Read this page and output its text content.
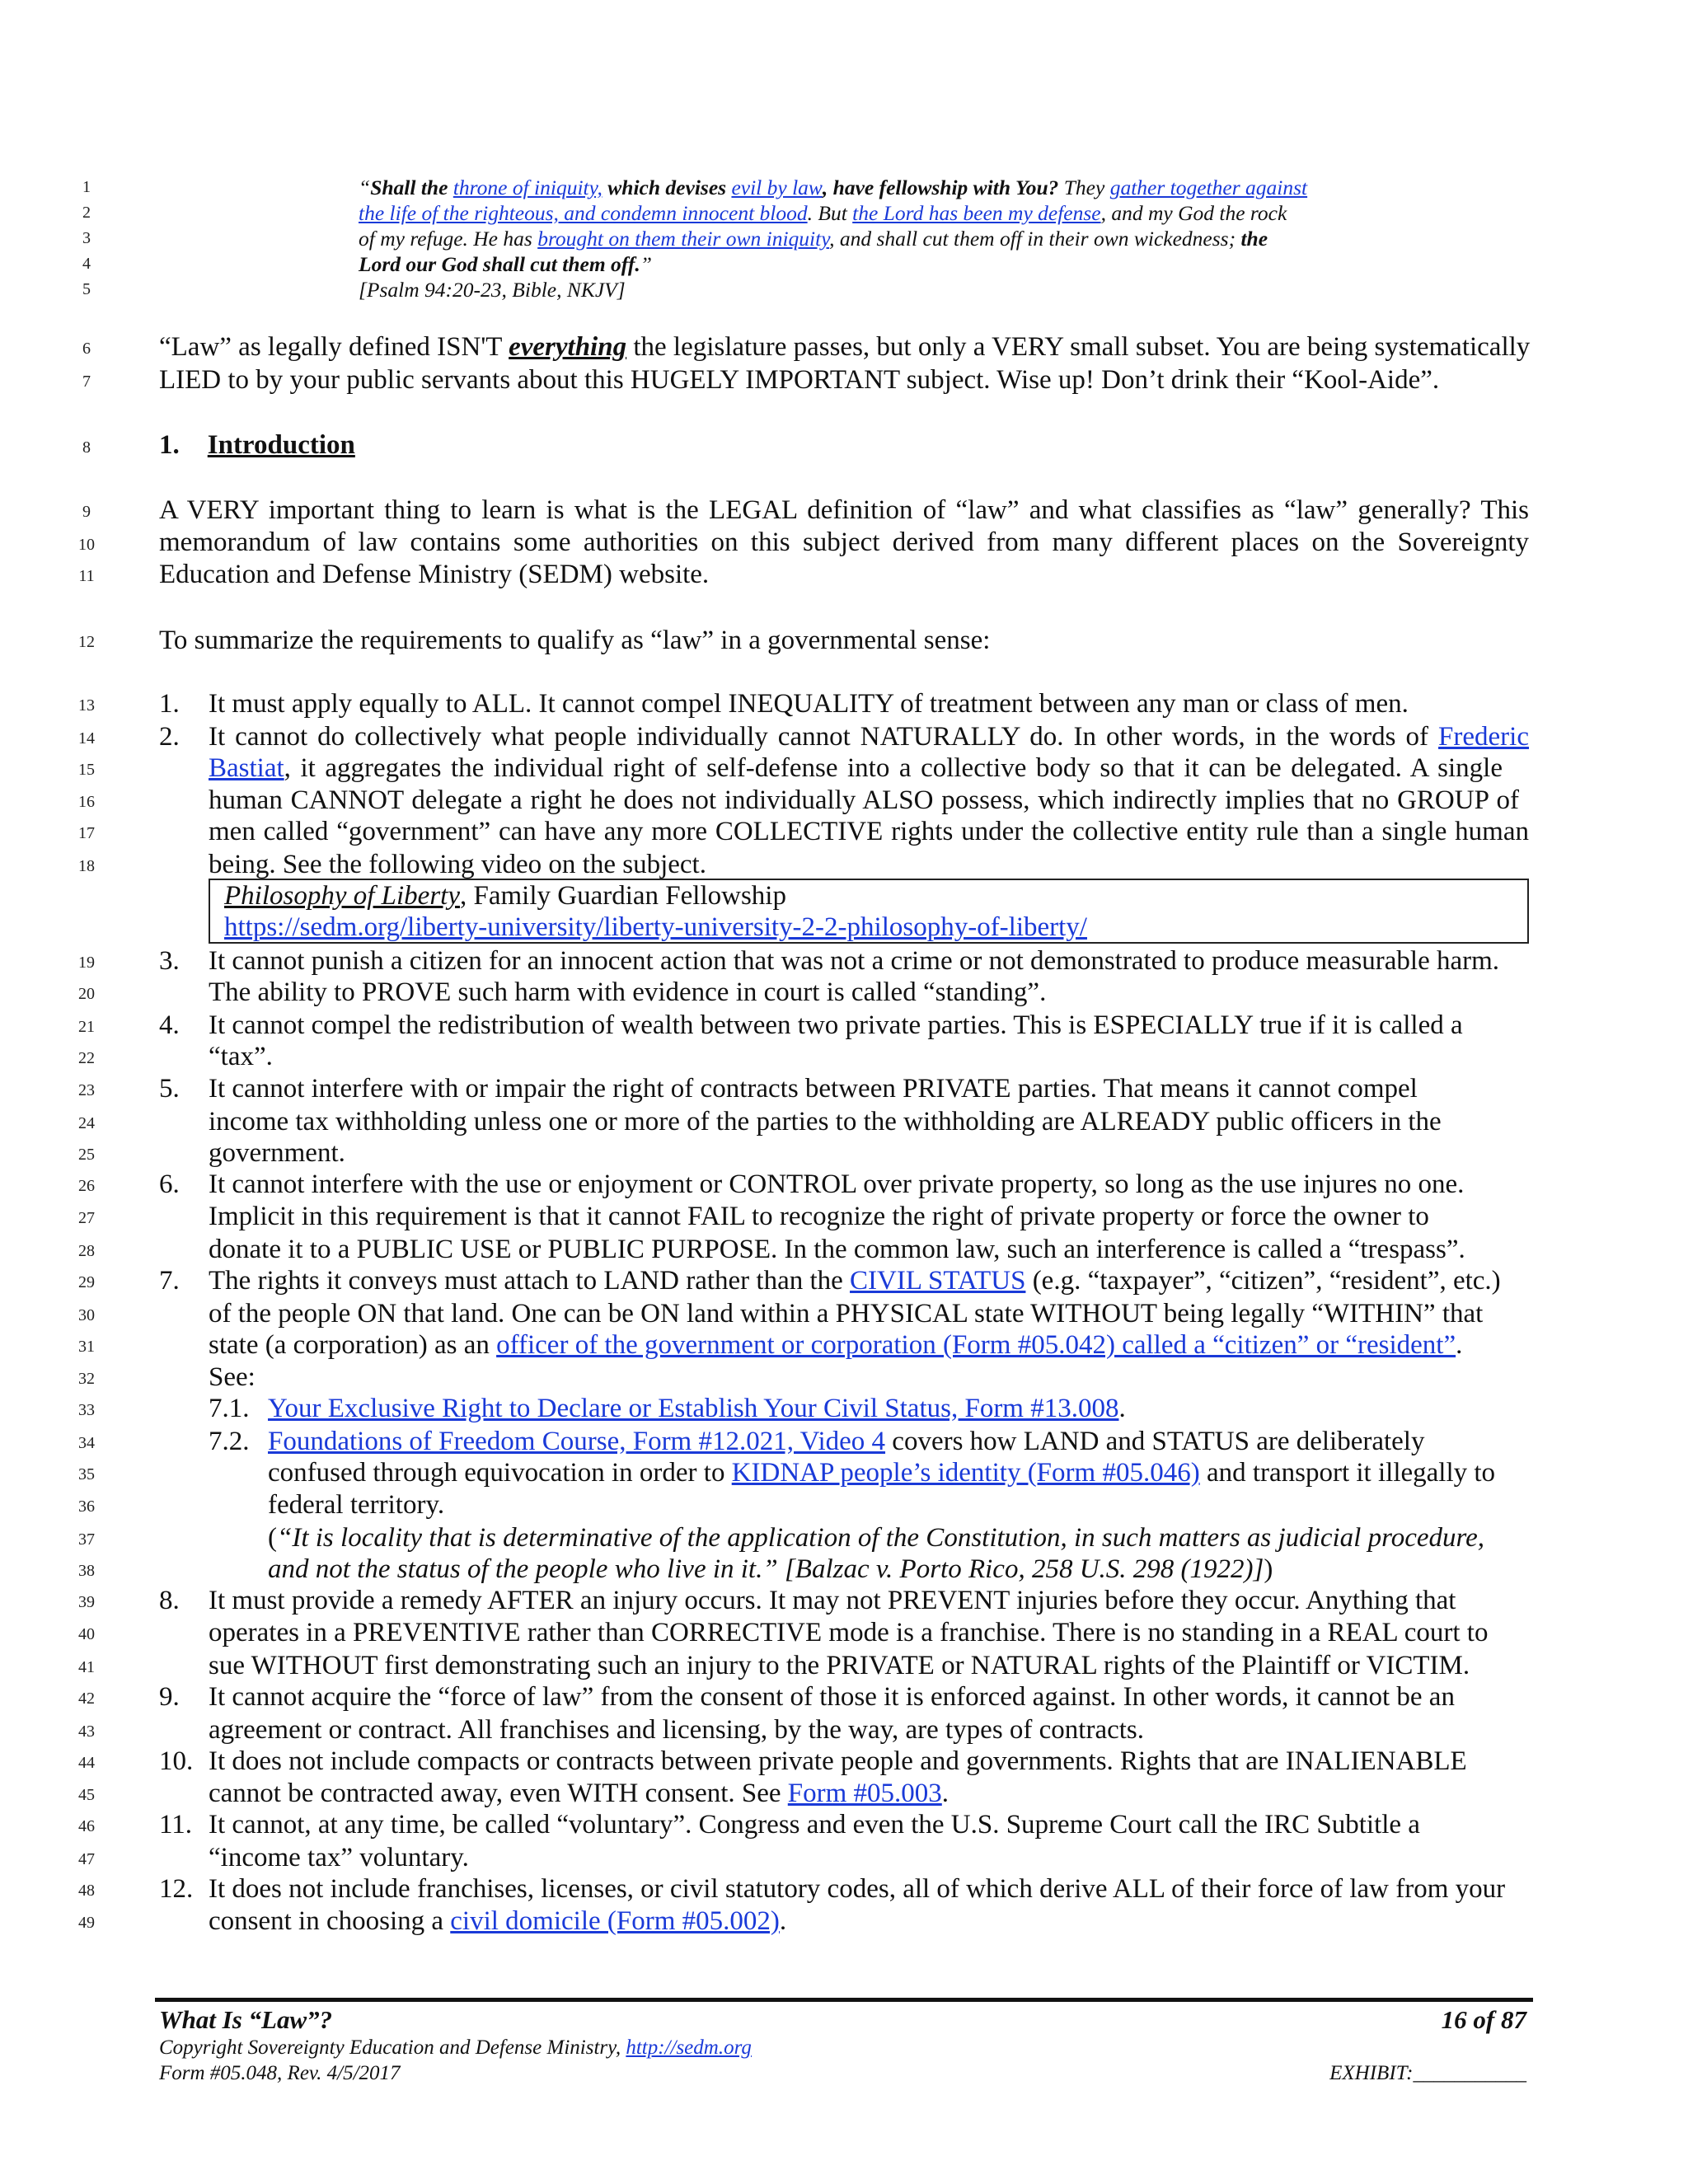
1
2
3
4
5
6
7
8
9
10
11
12
13
14
15
16
17
18
19
20
21
22
23
24
25
26
27
28
29
30
31
32
33
34
35
36
37
38
39
40
41
42
43
44
45
46
47
48
49
“Shall the throne of iniquity, which devises evil by law, have fellowship with You? They gather together against
the life of the righteous, and condemn innocent blood. But the Lord has been my defense, and my God the rock
of my refuge. He has brought on them their own iniquity, and shall cut them off in their own wickedness; the
Lord our God shall cut them off.”
[Psalm 94:20-23, Bible, NKJV]
“Law” as legally defined ISN'T everything the legislature passes, but only a VERY small subset. You are being systematically
LIED to by your public servants about this HUGELY IMPORTANT subject. Wise up! Don’t drink their “Kool-Aide”.
1. Introduction
A VERY important thing to learn is what is the LEGAL definition of “law” and what classifies as “law” generally? This
memorandum of law contains some authorities on this subject derived from many different places on the Sovereignty
Education and Defense Ministry (SEDM) website.
To summarize the requirements to qualify as “law” in a governmental sense:
1. It must apply equally to ALL. It cannot compel INEQUALITY of treatment between any man or class of men.
2. It cannot do collectively what people individually cannot NATURALLY do. In other words, in the words of Frederic
Bastiat, it aggregates the individual right of self-defense into a collective body so that it can be delegated. A single
human CANNOT delegate a right he does not individually ALSO possess, which indirectly implies that no GROUP of
men called “government” can have any more COLLECTIVE rights under the collective entity rule than a single human
being. See the following video on the subject.
Philosophy of Liberty, Family Guardian Fellowship
https://sedm.org/liberty-university/liberty-university-2-2-philosophy-of-liberty/
3. It cannot punish a citizen for an innocent action that was not a crime or not demonstrated to produce measurable harm.
The ability to PROVE such harm with evidence in court is called “standing”.
4. It cannot compel the redistribution of wealth between two private parties. This is ESPECIALLY true if it is called a
“tax”.
5. It cannot interfere with or impair the right of contracts between PRIVATE parties. That means it cannot compel
income tax withholding unless one or more of the parties to the withholding are ALREADY public officers in the
government.
6. It cannot interfere with the use or enjoyment or CONTROL over private property, so long as the use injures no one.
Implicit in this requirement is that it cannot FAIL to recognize the right of private property or force the owner to
donate it to a PUBLIC USE or PUBLIC PURPOSE. In the common law, such an interference is called a “trespass”.
7. The rights it conveys must attach to LAND rather than the CIVIL STATUS (e.g. “taxpayer”, “citizen”, “resident”, etc.)
of the people ON that land. One can be ON land within a PHYSICAL state WITHOUT being legally “WITHIN” that
state (a corporation) as an officer of the government or corporation (Form #05.042) called a “citizen” or “resident”.
See:
7.1. Your Exclusive Right to Declare or Establish Your Civil Status, Form #13.008.
7.2. Foundations of Freedom Course, Form #12.021, Video 4 covers how LAND and STATUS are deliberately
confused through equivocation in order to KIDNAP people’s identity (Form #05.046) and transport it illegally to
federal territory.
(“It is locality that is determinative of the application of the Constitution, in such matters as judicial procedure,
and not the status of the people who live in it.” [Balzac v. Porto Rico, 258 U.S. 298 (1922)])
8. It must provide a remedy AFTER an injury occurs. It may not PREVENT injuries before they occur. Anything that
operates in a PREVENTIVE rather than CORRECTIVE mode is a franchise. There is no standing in a REAL court to
sue WITHOUT first demonstrating such an injury to the PRIVATE or NATURAL rights of the Plaintiff or VICTIM.
9. It cannot acquire the “force of law” from the consent of those it is enforced against. In other words, it cannot be an
agreement or contract. All franchises and licensing, by the way, are types of contracts.
10. It does not include compacts or contracts between private people and governments. Rights that are INALIENABLE
cannot be contracted away, even WITH consent. See Form #05.003.
11. It cannot, at any time, be called “voluntary”. Congress and even the U.S. Supreme Court call the IRC Subtitle a
“income tax” voluntary.
12. It does not include franchises, licenses, or civil statutory codes, all of which derive ALL of their force of law from your
consent in choosing a civil domicile (Form #05.002).
What Is “Law”?	16 of 87
Copyright Sovereignty Education and Defense Ministry, http://sedm.org
Form #05.048, Rev. 4/5/2017	EXHIBIT:___________
